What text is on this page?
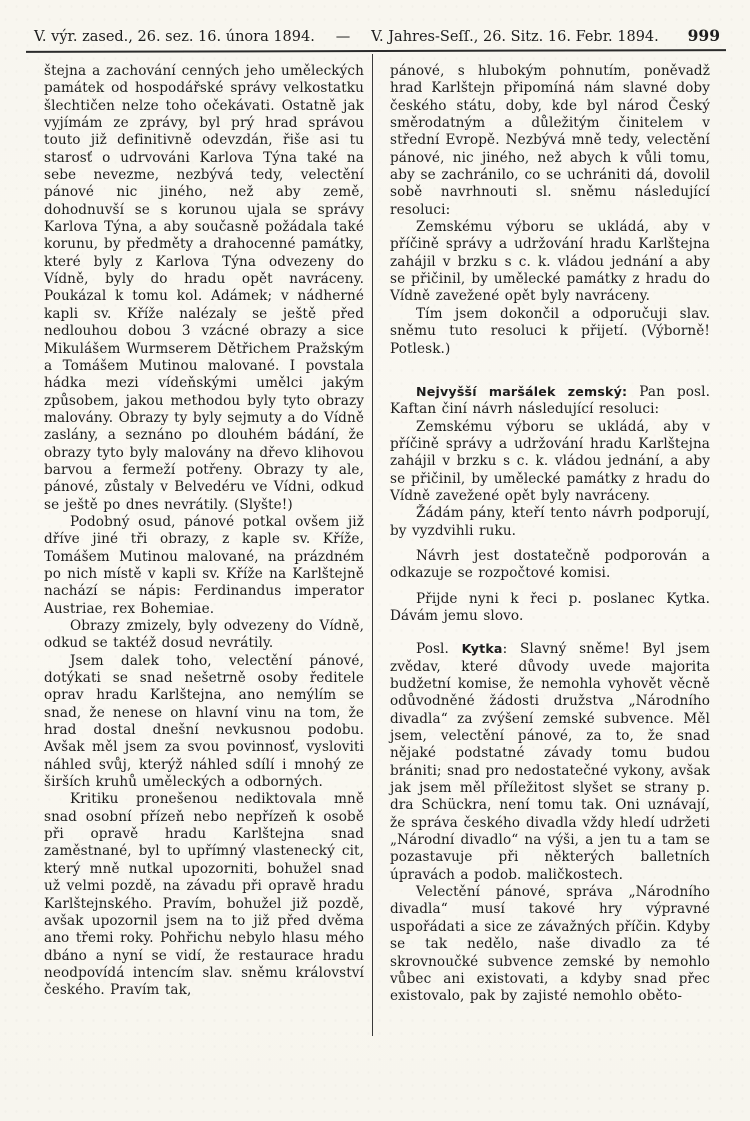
V. výr. zased., 26. sez. 16. února 1894.	—	V. Jahres-Seſſ., 26. Sitz. 16. Febr. 1894. 999

štejna a zachování cenných jeho uměleckých památek od hospodářské správy velkostatku šlechtičen nelze toho očekávati. Ostatně jak vyjímám ze zprávy, byl prý hrad správou touto již definitivně odevzdán, řiše asi tu starosť o udrvováni Karlova Týna také na sebe nevezme, nezbývá tedy, velectění pánové nic jiného, než aby země, dohodnuvší se s korunou ujala se správy Karlova Týna, a aby současně požádala také korunu, by předměty a drahocenné památky, které byly z Karlova Týna odvezeny do Vídně, byly do hradu opět navráceny. Poukázal k tomu kol. Adámek; v nádherné kapli sv. Kříže nalézaly se ještě před nedlouhou dobou 3 vzácné obrazy a sice Mikulášem Wurmserem Dětřichem Pražským a Tomášem Mutinou malované. I povstala hádka mezi vídeňskými umělci jakým způsobem, jakou methodou byly tyto obrazy malovány. Obrazy ty byly sejmuty a do Vídně zaslány, a seznáno po dlouhém bádání, že obrazy tyto byly malovány na dřevo klihovou barvou a fermeží potřeny. Obrazy ty ale, pánové, zůstaly v Belvedéru ve Vídni, odkud se ještě po dnes nevrátily. (Slyšte!)

Podobný osud, pánové potkal ovšem již dříve jiné tři obrazy, z kaple sv. Kříže, Tomášem Mutinou malované, na prázdném po nich místě v kapli sv. Kříže na Karlštejně nachází se nápis: Ferdinandus imperator Austriae, rex Bohemiae.

Obrazy zmizely, byly odvezeny do Vídně, odkud se taktéž dosud nevrátily.

Jsem dalek toho, velectění pánové, dotýkati se snad nešetrně osoby ředitele oprav hradu Karlštejna, ano nemýlím se snad, že nenese on hlavní vinu na tom, že hrad dostal dnešní nevkusnou podobu. Avšak měl jsem za svou povinnosť, vysloviti náhled svůj, kterýž náhled sdílí i mnohý ze širších kruhů uměleckých a odborných.

Kritiku pronešenou nediktovala mně snad osobní přízeň nebo nepřízeň k osobě při opravě hradu Karlštejna snad zaměstnané, byl to upřímný vlastenecký cit, který mně nutkal upozorniti, bohužel snad už velmi pozdě, na závadu při opravě hradu Karlštejnského. Pravím, bohužel již pozdě, avšak upozornil jsem na to již před dvěma ano třemi roky. Pohřichu nebylo hlasu mého dbáno a nyní se vidí, že restaurace hradu neodpovídá intencím slav. sněmu království českého. Pravím tak,

pánové, s hlubokým pohnutím, poněvadž hrad Karlštejn připomíná nám slavné doby českého státu, doby, kde byl národ Český směrodatným a důležitým činitelem v střední Evropě. Nezbývá mně tedy, velectění pánové, nic jiného, než abych k vůli tomu, aby se zachránilo, co se uchrániti dá, dovolil sobě navrhnouti sl. sněmu následující resoluci:

Zemskému výboru se ukládá, aby v příčině správy a udržování hradu Karlštejna zahájil v brzku s c. k. vládou jednání a aby se přičinil, by umělecké památky z hradu do Vídně zavežené opět byly navráceny.

Tím jsem dokončil a odporučuji slav. sněmu tuto resoluci k přijetí. (Výborně! Potlesk.)

Nejvyšší maršálek zemský: Pan posl. Kaftan činí návrh následující resoluci:

Zemskému výboru se ukládá, aby v příčině správy a udržování hradu Karlštejna zahájil v brzku s c. k. vládou jednání, a aby se přičinil, by umělecké památky z hradu do Vídně zavežené opět byly navráceny.

Žádám pány, kteří tento návrh podporují, by vyzdvihli ruku.

Návrh jest dostatečně podporován a odkazuje se rozpočtové komisi.

Přijde nyni k řeci p. poslanec Kytka. Dávám jemu slovo.

Posl. Kytka: Slavný sněme! Byl jsem zvědav, které důvody uvede majorita budžetní komise, že nemohla vyhovět věcně odůvodněné žádosti družstva „Národního divadla“ za zvýšení zemské subvence. Měl jsem, velectění pánové, za to, že snad nějaké podstatné závady tomu budou brániti; snad pro nedostatečné vykony, avšak jak jsem měl příležitost slyšet se strany p. dra Schückra, není tomu tak. Oni uznávají, že správa českého divadla vždy hledí udržeti „Národní divadlo“ na výši, a jen tu a tam se pozastavuje při některých balletních úpravách a podob. maličkostech.

Velectění pánové, správa „Národního divadla“ musí takové hry výpravné uspořádati a sice ze závažných příčin. Kdyby se tak nedělo, naše divadlo za té skrovnoučké subvence zemské by nemohlo vůbec ani existovati, a kdyby snad přec existovalo, pak by zajisté nemohlo oběto-
